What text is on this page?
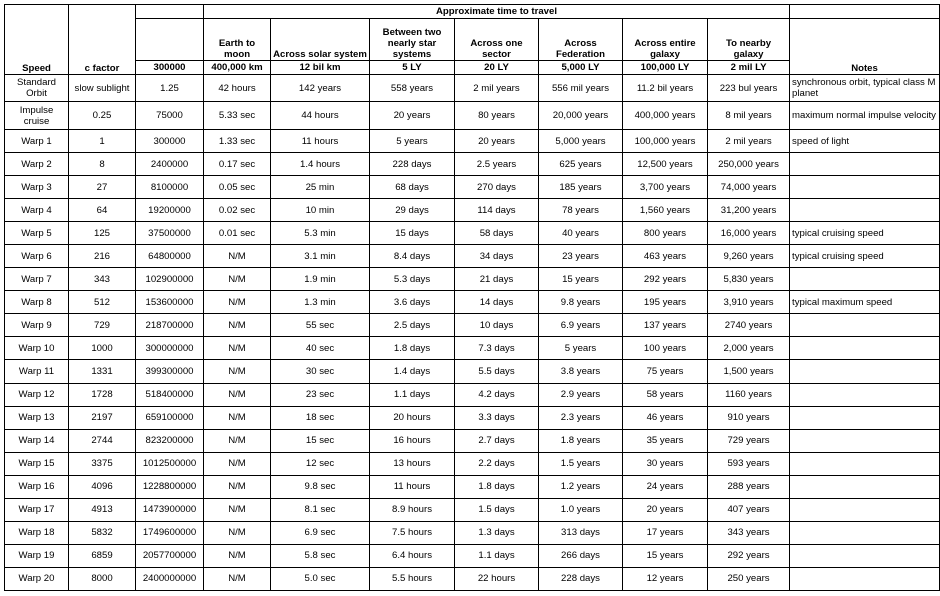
Speed	c factor		Approximate time to travel							
			Earth to moon	Across solar system	Between two nearly star systems	Across one sector	Across Federation	Across entire galaxy	To nearby galaxy	Notes
		300000	400,000 km	12 bil km	5 LY	20 LY	5,000 LY	100,000 LY	2 mil LY	
Standard Orbit	slow sublight	1.25	42 hours	142 years	558 years	2 mil years	556 mil years	11.2 bil years	223 bul years	synchronous orbit, typical class M planet
Impulse cruise	0.25	75000	5.33 sec	44 hours	20 years	80 years	20,000 years	400,000 years	8 mil years	maximum normal impulse velocity
Warp 1	1	300000	1.33 sec	11 hours	5 years	20 years	5,000 years	100,000 years	2 mil years	speed of light
Warp 2	8	2400000	0.17 sec	1.4 hours	228 days	2.5 years	625 years	12,500 years	250,000 years	
Warp 3	27	8100000	0.05 sec	25 min	68 days	270 days	185 years	3,700 years	74,000 years	
Warp 4	64	19200000	0.02 sec	10 min	29 days	114 days	78 years	1,560 years	31,200 years	
Warp 5	125	37500000	0.01 sec	5.3 min	15 days	58 days	40 years	800 years	16,000 years	typical cruising speed
Warp 6	216	64800000	N/M	3.1 min	8.4 days	34 days	23 years	463 years	9,260 years	typical cruising speed
Warp 7	343	102900000	N/M	1.9 min	5.3 days	21 days	15 years	292 years	5,830 years	
Warp 8	512	153600000	N/M	1.3 min	3.6 days	14 days	9.8 years	195 years	3,910 years	typical maximum speed
Warp 9	729	218700000	N/M	55 sec	2.5 days	10 days	6.9 years	137 years	2740 years	
Warp 10	1000	300000000	N/M	40 sec	1.8 days	7.3 days	5 years	100 years	2,000 years	
Warp 11	1331	399300000	N/M	30 sec	1.4 days	5.5 days	3.8 years	75 years	1,500 years	
Warp 12	1728	518400000	N/M	23 sec	1.1 days	4.2 days	2.9 years	58 years	1160 years	
Warp 13	2197	659100000	N/M	18 sec	20 hours	3.3 days	2.3 years	46 years	910 years	
Warp 14	2744	823200000	N/M	15 sec	16 hours	2.7 days	1.8 years	35 years	729 years	
Warp 15	3375	1012500000	N/M	12 sec	13 hours	2.2 days	1.5 years	30 years	593 years	
Warp 16	4096	1228800000	N/M	9.8 sec	11 hours	1.8 days	1.2 years	24 years	288 years	
Warp 17	4913	1473900000	N/M	8.1 sec	8.9 hours	1.5 days	1.0 years	20 years	407 years	
Warp 18	5832	1749600000	N/M	6.9 sec	7.5 hours	1.3 days	313 days	17 years	343 years	
Warp 19	6859	2057700000	N/M	5.8 sec	6.4 hours	1.1 days	266 days	15 years	292 years	
Warp 20	8000	2400000000	N/M	5.0 sec	5.5 hours	22 hours	228 days	12 years	250 years	
